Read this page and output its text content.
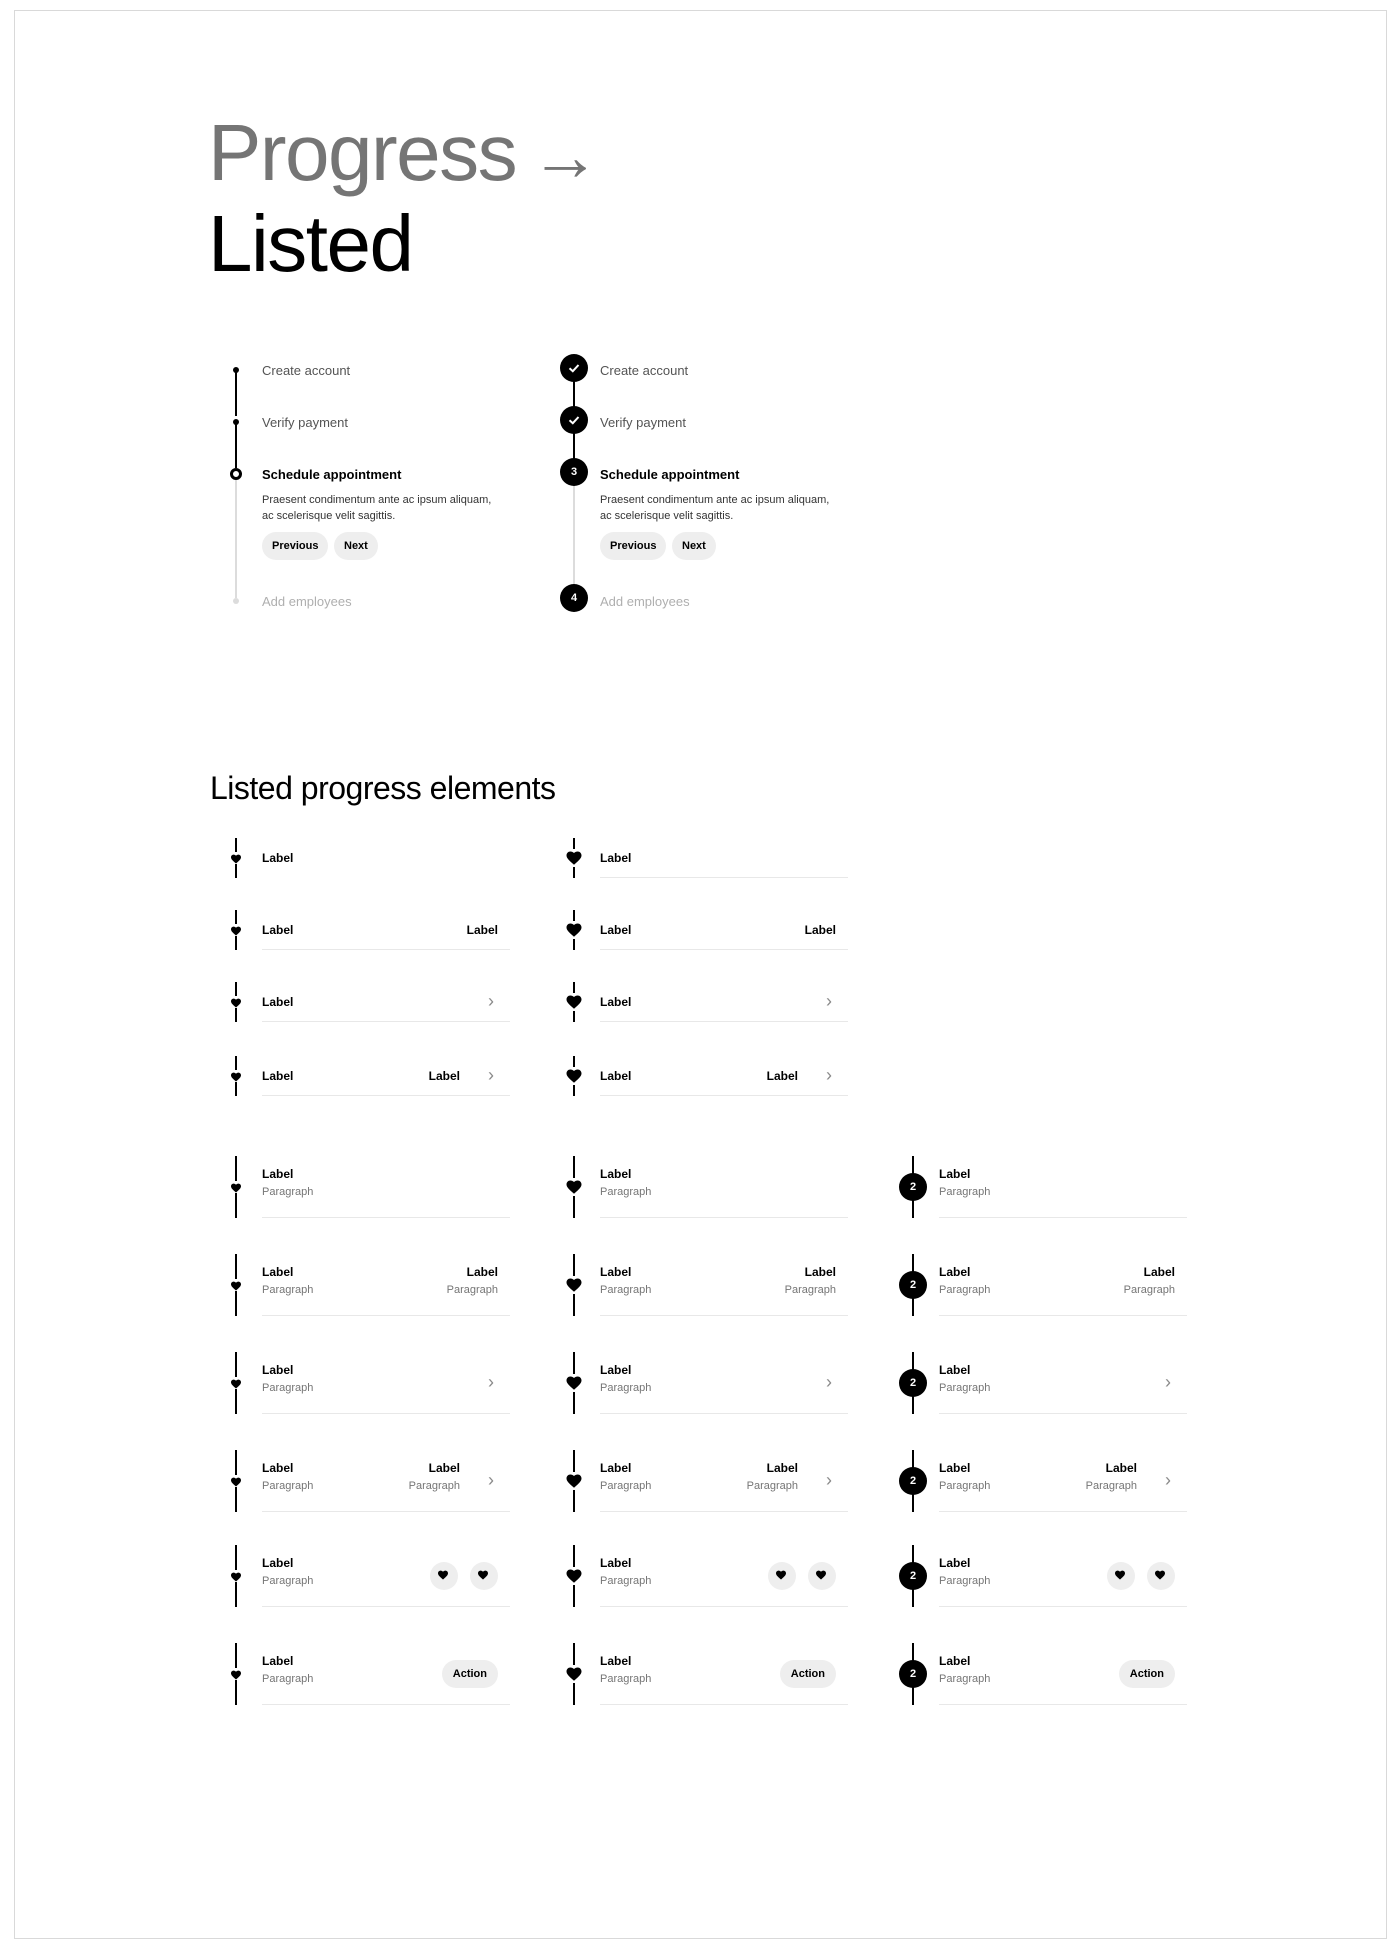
Progress →
Listed
Create account
Verify payment
Schedule appointment
Praesent condimentum ante ac ipsum aliquam, ac scelerisque velit sagittis.
Previous	Next
Add employees
3
4
Create account
Verify payment
Schedule appointment
Praesent condimentum ante ac ipsum aliquam, ac scelerisque velit sagittis.
Previous	Next
Add employees
Listed progress elements
Label	Label
Label	Label	Label	Label
Label	›	Label	›
Label	Label ›	Label	Label ›
Label
Paragraph
Label
Paragraph	2
Label
Paragraph
Label
Paragraph
Label
Paragraph
Label
Paragraph
Label
Paragraph	2
Label
Paragraph
Label
Paragraph
Label
Paragraph	›
Label
Paragraph	›	2
Label
Paragraph	›
Label
Paragraph
Label
Paragraph ›
Label
Paragraph
Label
Paragraph ›	2
Label
Paragraph
Label
Paragraph ›
Label
Paragraph
Label
Paragraph	2
Label
Paragraph
Label
Paragraph	Action
Label
Paragraph	Action	2
Label
Paragraph	Action
